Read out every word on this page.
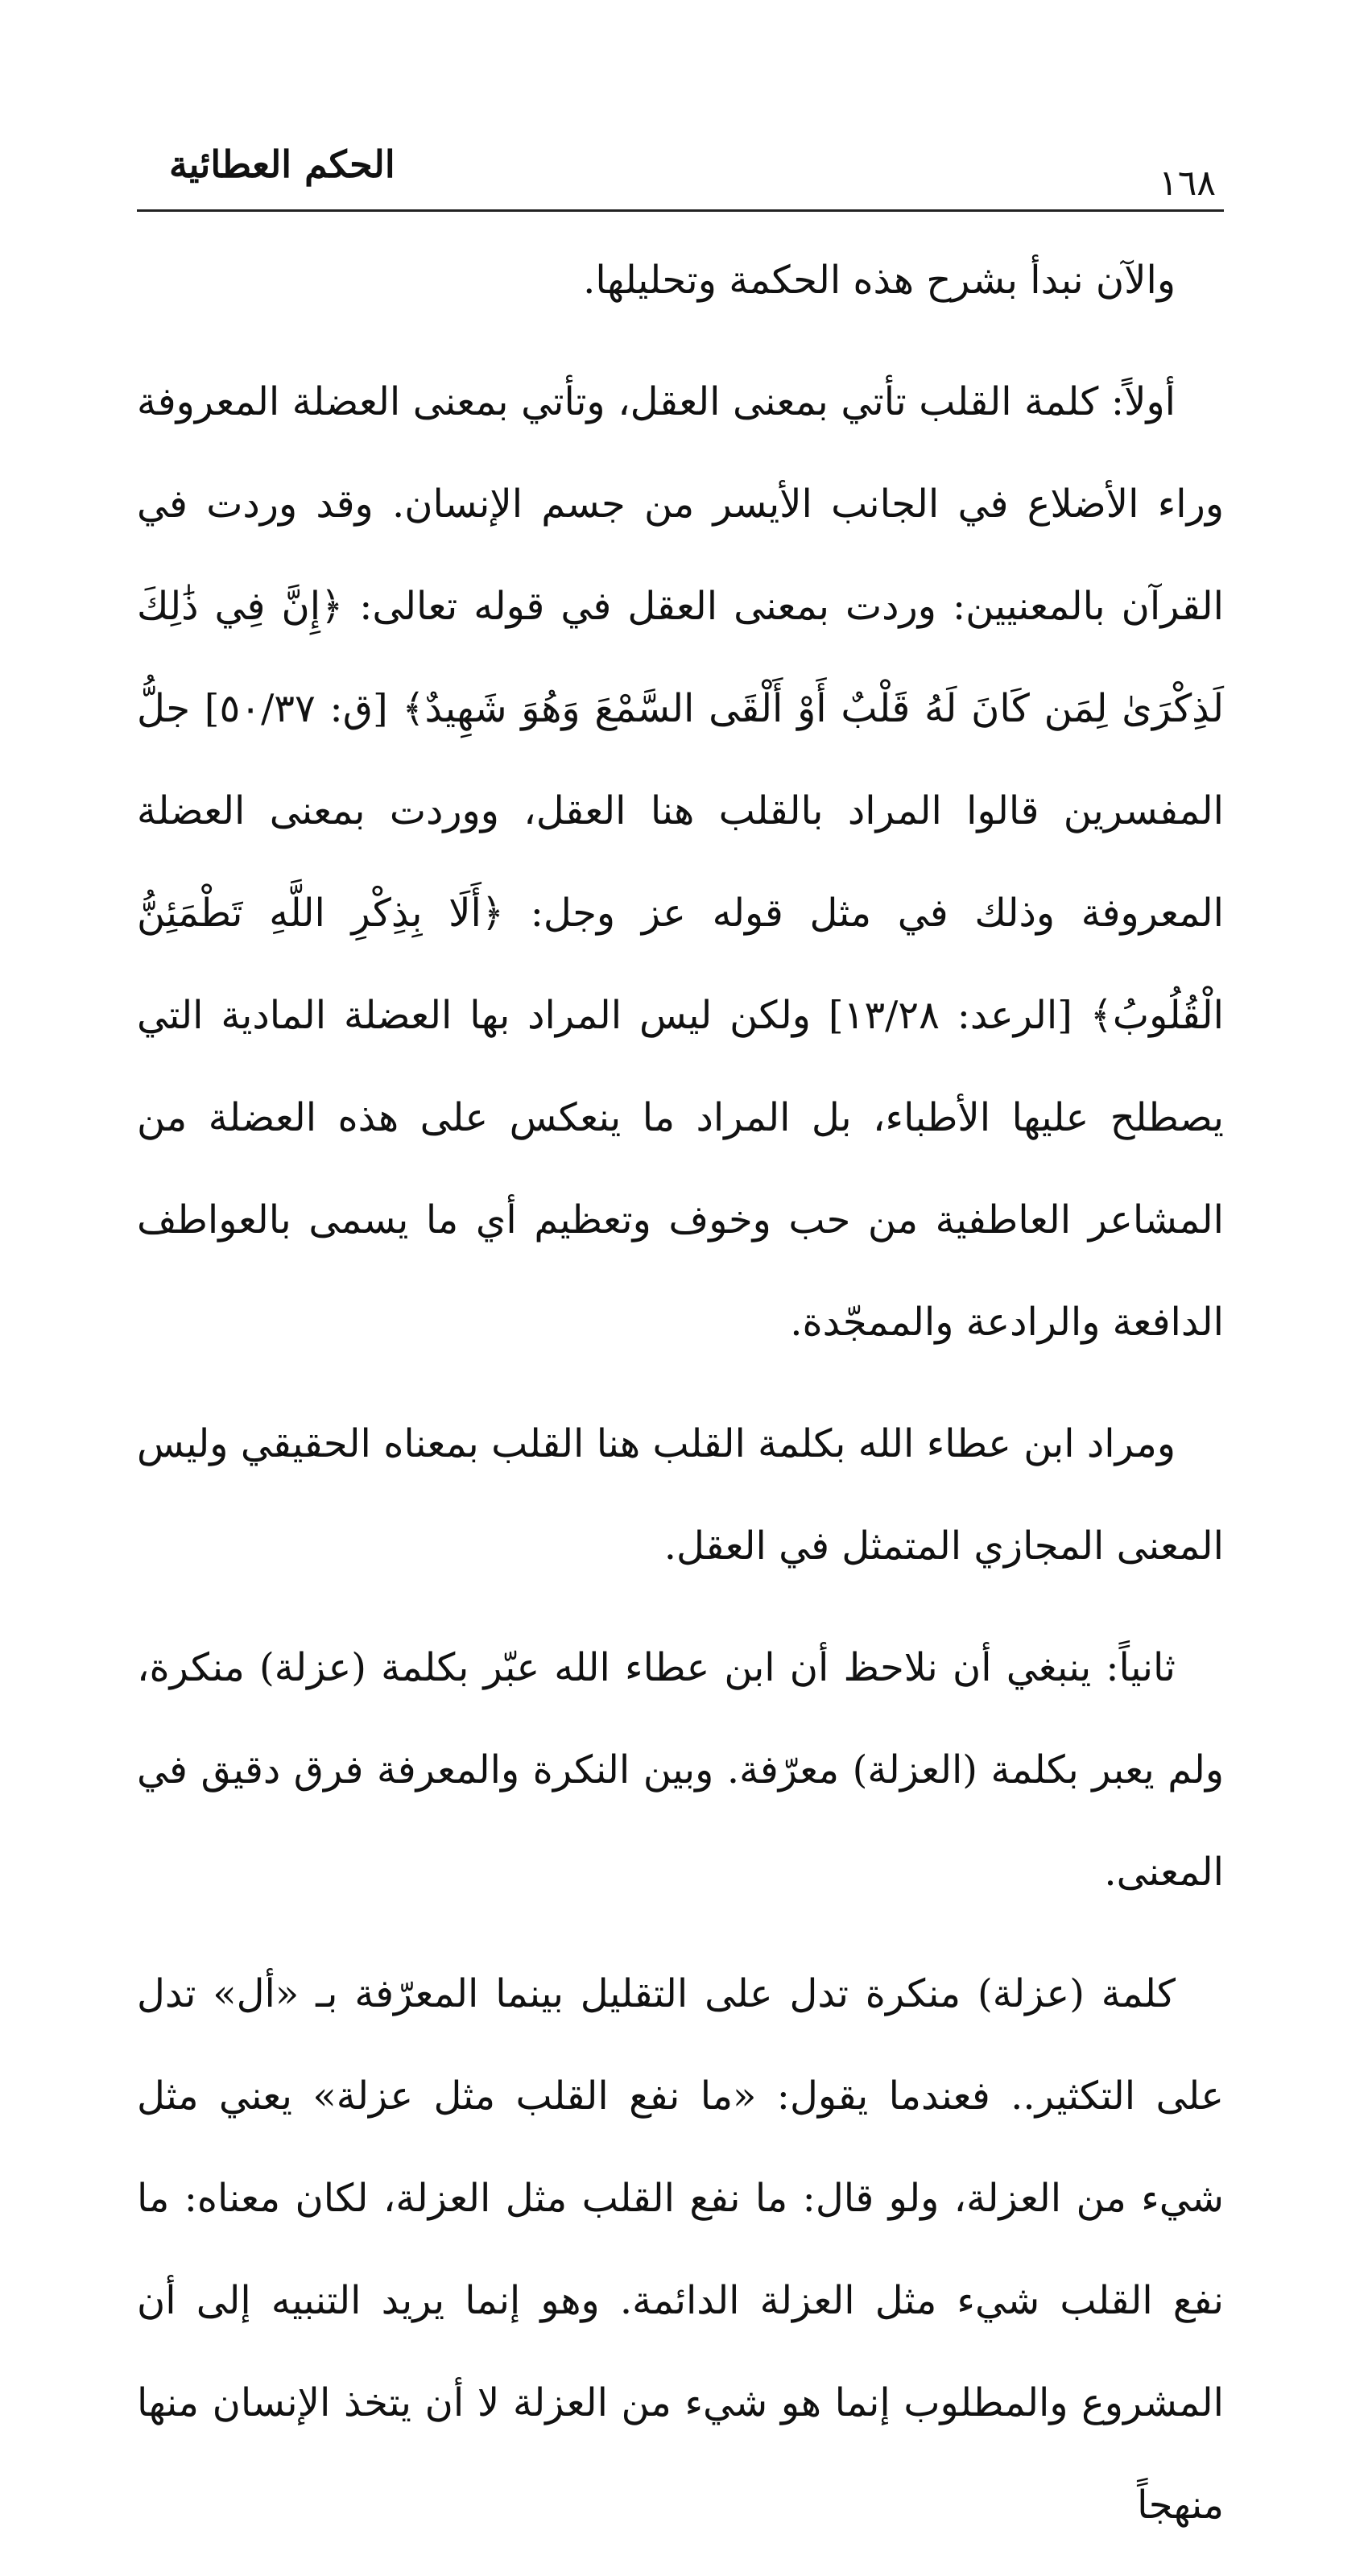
الحكم العطائية	١٦٨

والآن نبدأ بشرح هذه الحكمة وتحليلها.

أولاً: كلمة القلب تأتي بمعنى العقل، وتأتي بمعنى العضلة المعروفة وراء الأضلاع في الجانب الأيسر من جسم الإنسان. وقد وردت في القرآن بالمعنيين: وردت بمعنى العقل في قوله تعالى: ﴿إِنَّ فِي ذَٰلِكَ لَذِكْرَىٰ لِمَن كَانَ لَهُ قَلْبٌ أَوْ أَلْقَى السَّمْعَ وَهُوَ شَهِيدٌ﴾ [ق: ٥٠/٣٧] جلُّ المفسرين قالوا المراد بالقلب هنا العقل، ووردت بمعنى العضلة المعروفة وذلك في مثل قوله عز وجل: ﴿أَلَا بِذِكْرِ اللَّهِ تَطْمَئِنُّ الْقُلُوبُ﴾ [الرعد: ١٣/٢٨] ولكن ليس المراد بها العضلة المادية التي يصطلح عليها الأطباء، بل المراد ما ينعكس على هذه العضلة من المشاعر العاطفية من حب وخوف وتعظيم أي ما يسمى بالعواطف الدافعة والرادعة والممجّدة.

ومراد ابن عطاء الله بكلمة القلب هنا القلب بمعناه الحقيقي وليس المعنى المجازي المتمثل في العقل.

ثانياً: ينبغي أن نلاحظ أن ابن عطاء الله عبّر بكلمة (عزلة) منكرة، ولم يعبر بكلمة (العزلة) معرّفة. وبين النكرة والمعرفة فرق دقيق في المعنى.

كلمة (عزلة) منكرة تدل على التقليل بينما المعرّفة بـ «أل» تدل على التكثير.. فعندما يقول: «ما نفع القلب مثل عزلة» يعني مثل شيء من العزلة، ولو قال: ما نفع القلب مثل العزلة، لكان معناه: ما نفع القلب شيء مثل العزلة الدائمة. وهو إنما يريد التنبيه إلى أن المشروع والمطلوب إنما هو شيء من العزلة لا أن يتخذ الإنسان منها منهجاً
